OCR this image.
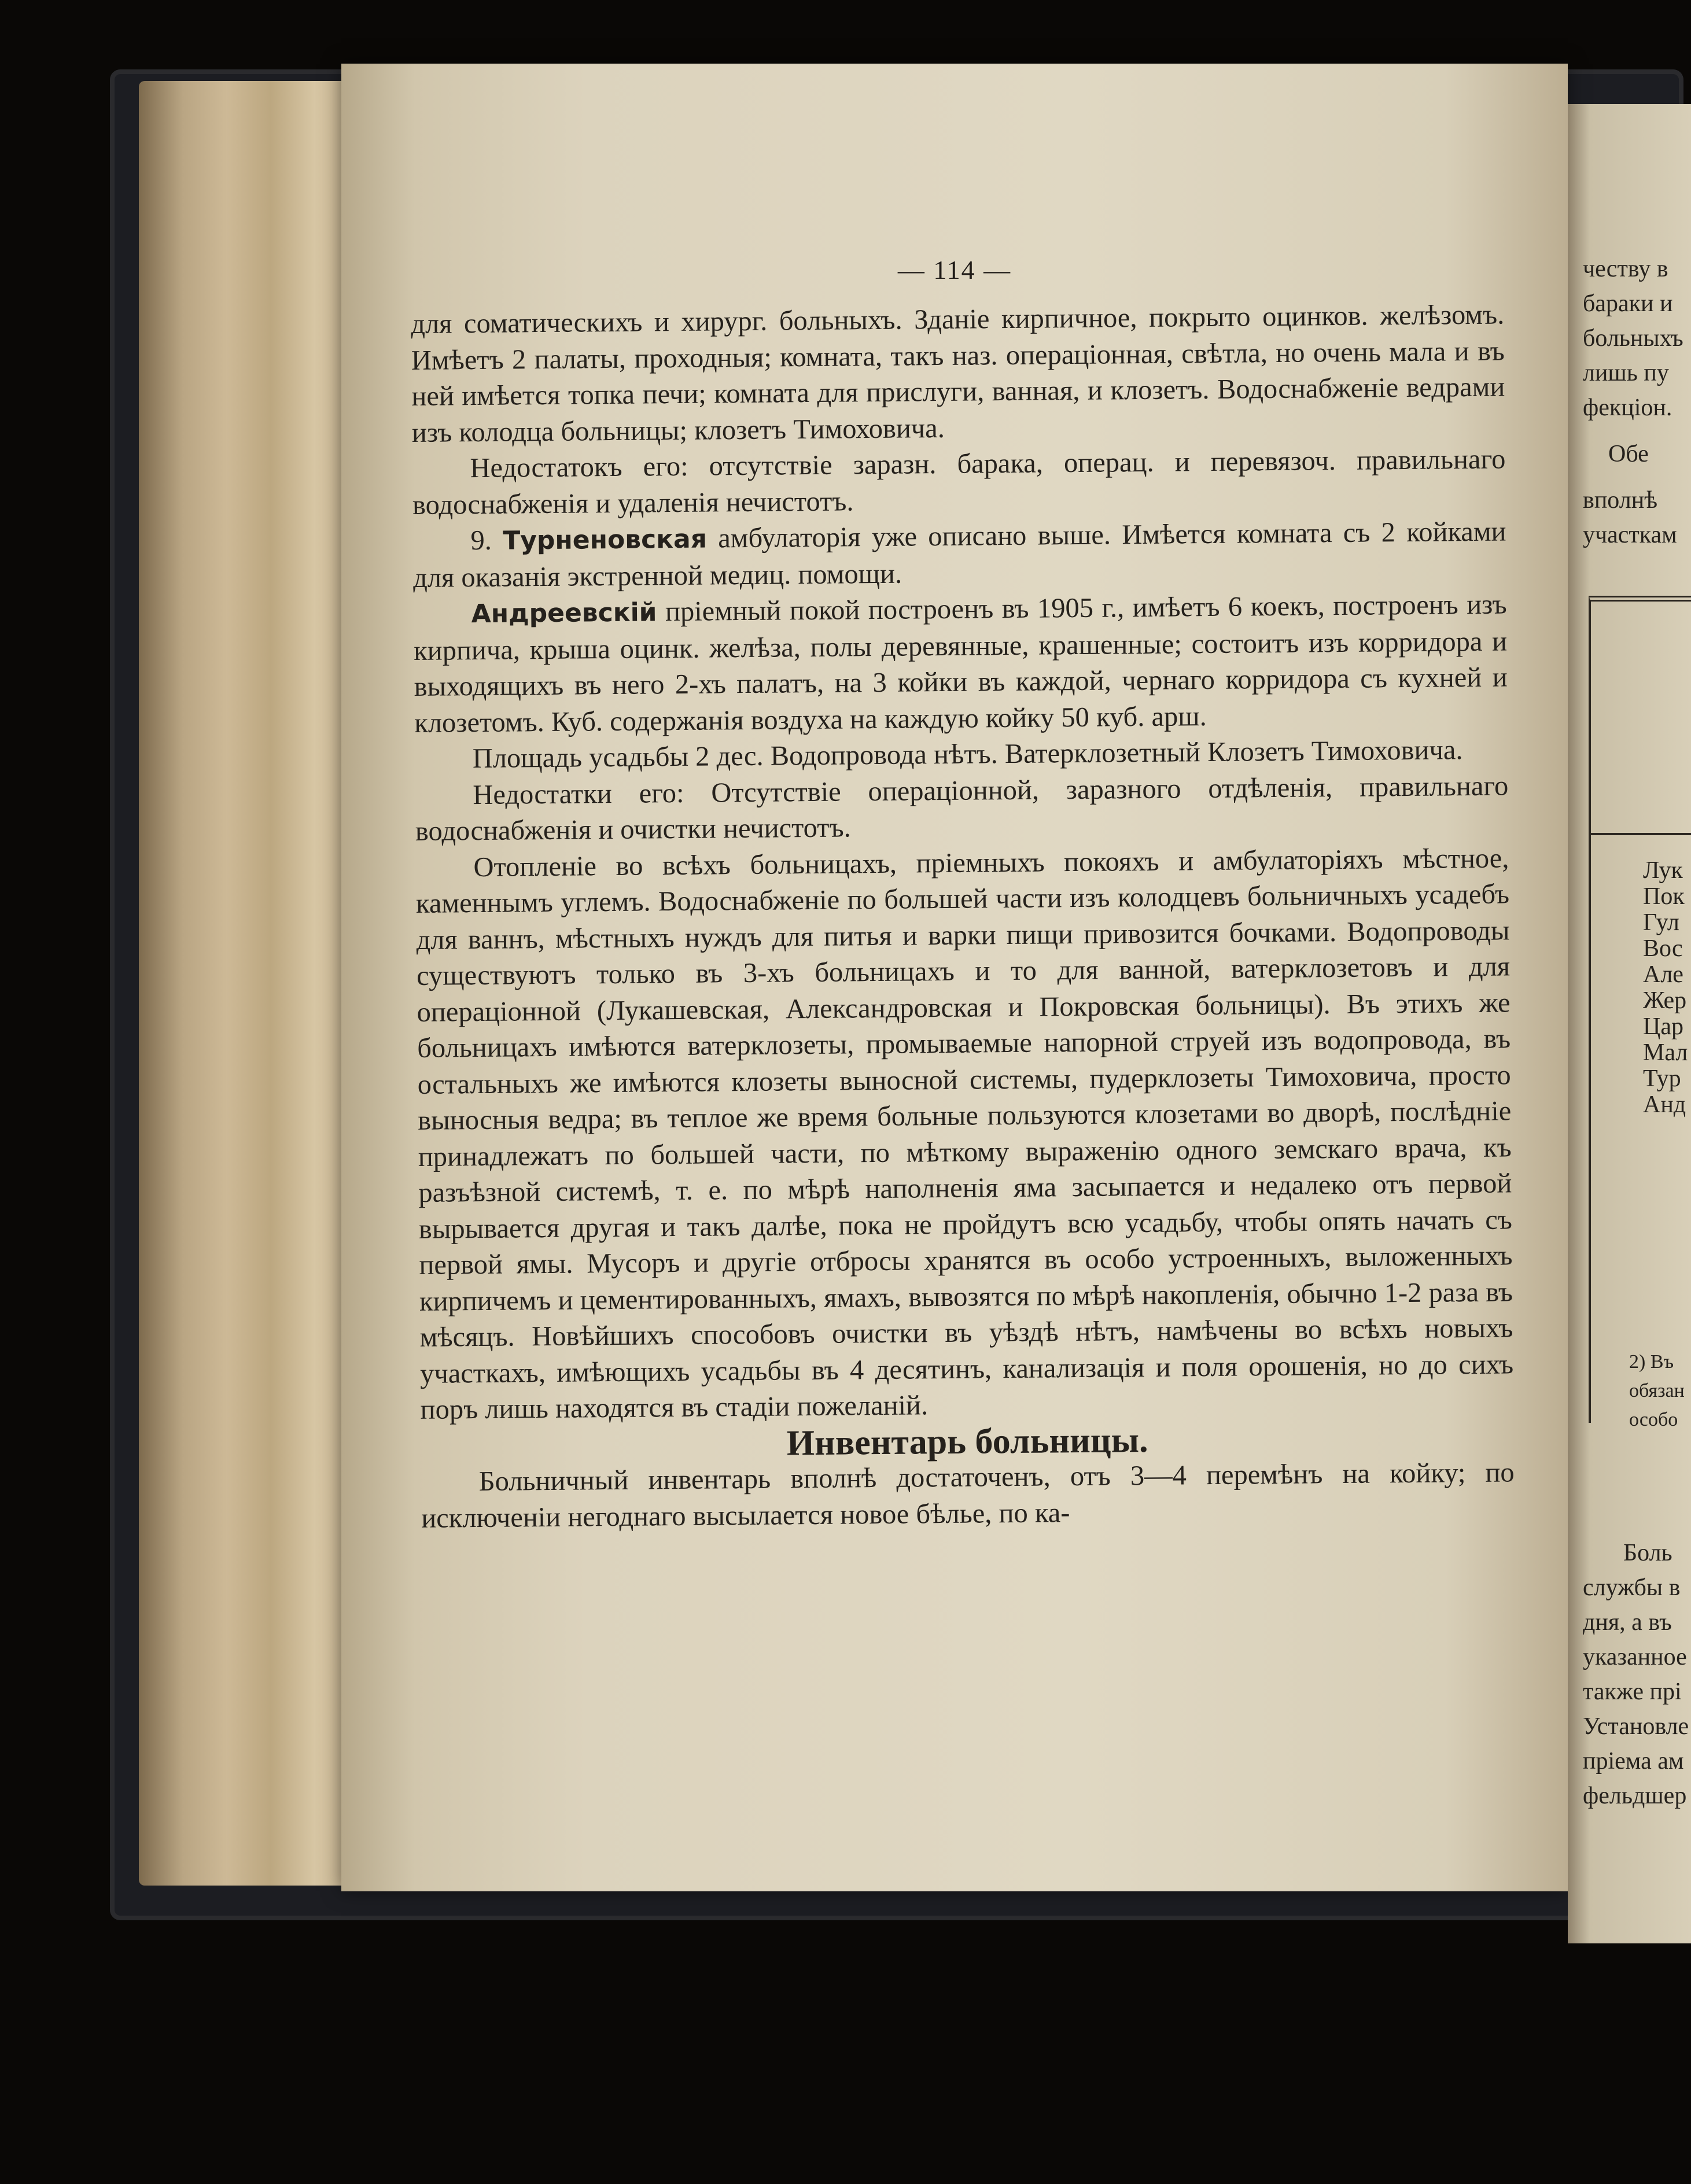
— 114 —

для соматическихъ и хирург. больныхъ. Зданіе кирпичное, покрыто оцинков. желѣзомъ. Имѣетъ 2 палаты, проходныя; комната, такъ наз. операціонная, свѣтла, но очень мала и въ ней имѣется топка печи; комната для прислуги, ванная, и клозетъ. Водоснабженіе ведрами изъ колодца больницы; клозетъ Тимоховича.

Недостатокъ его: отсутствіе заразн. барака, операц. и перевязоч. правильнаго водоснабженія и удаленія нечистотъ.

9. Турненовская амбулаторія уже описано выше. Имѣется комната съ 2 койками для оказанія экстренной медиц. помощи.

Андреевскій пріемный покой построенъ въ 1905 г., имѣетъ 6 коекъ, построенъ изъ кирпича, крыша оцинк. желѣза, полы деревянные, крашенные; состоитъ изъ корридора и выходящихъ въ него 2-хъ палатъ, на 3 койки въ каждой, чернаго корридора съ кухней и клозетомъ. Куб. содержанія воздуха на каждую койку 50 куб. арш.

Площадь усадьбы 2 дес. Водопровода нѣтъ. Ватерклозетный Клозетъ Тимоховича.

Недостатки его: Отсутствіе операціонной, заразного отдѣленія, правильнаго водоснабженія и очистки нечистотъ.

Отопленіе во всѣхъ больницахъ, пріемныхъ покояхъ и амбулаторіяхъ мѣстное, каменнымъ углемъ. Водоснабженіе по большей части изъ колодцевъ больничныхъ усадебъ для ваннъ, мѣстныхъ нуждъ для питья и варки пищи привозится бочками. Водопроводы существуютъ только въ 3-хъ больницахъ и то для ванной, ватерклозетовъ и для операціонной (Лукашевская, Александровская и Покровская больницы). Въ этихъ же больницахъ имѣются ватерклозеты, промываемые напорной струей изъ водопровода, въ остальныхъ же имѣются клозеты выносной системы, пудерклозеты Тимоховича, просто выносныя ведра; въ теплое же время больные пользуются клозетами во дворѣ, послѣдніе принадлежатъ по большей части, по мѣткому выраженію одного земскаго врача, къ разъѣзной системѣ, т. е. по мѣрѣ наполненія яма засыпается и недалеко отъ первой вырывается другая и такъ далѣе, пока не пройдутъ всю усадьбу, чтобы опять начать съ первой ямы. Мусоръ и другіе отбросы хранятся въ особо устроенныхъ, выложенныхъ кирпичемъ и цементированныхъ, ямахъ, вывозятся по мѣрѣ накопленія, обычно 1-2 раза въ мѣсяцъ. Новѣйшихъ способовъ очистки въ уѣздѣ нѣтъ, намѣчены во всѣхъ новыхъ участкахъ, имѣющихъ усадьбы въ 4 десятинъ, канализація и поля орошенія, но до сихъ поръ лишь находятся въ стадіи пожеланій.

Инвентарь больницы.

Больничный инвентарь вполнѣ достаточенъ, отъ 3—4 перемѣнъ на койку; по исключеніи негоднаго высылается новое бѣлье, по ка-

честву в
бараки и
больныхъ
лишь пу
фекціон.
Обе
вполнѣ
участкам
Лук
Пок
Гул
Вос
Але
Жер
Цар
Мал
Тур
Анд
2) Въ
обязан
особо
Боль
службы в
дня, а въ
указанное
также прі
Установле
пріема ам
фельдшер
